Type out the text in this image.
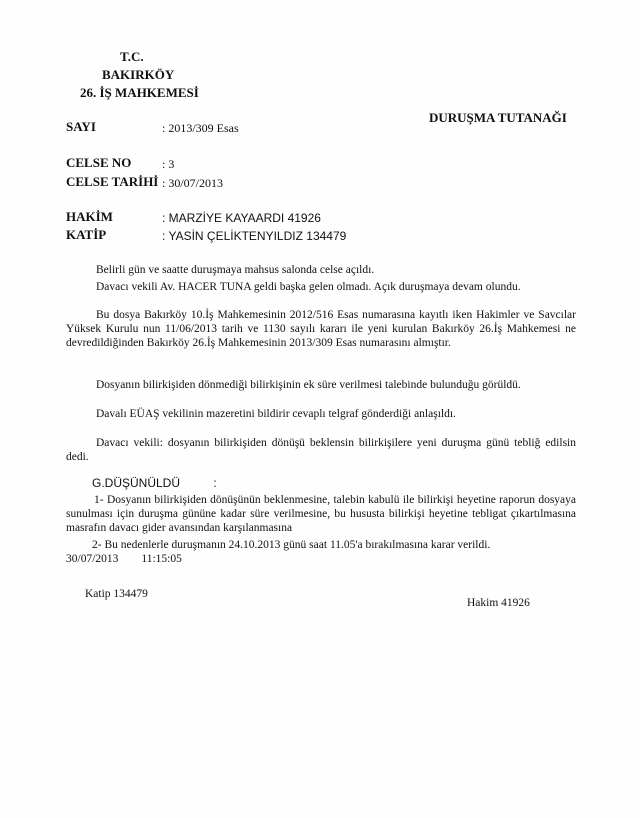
T.C.
BAKIRKÖY
26. İŞ MAHKEMESİ
DURUŞMA TUTANAĞI
SAYI	: 2013/309 Esas
CELSE NO	: 3
CELSE TARİHİ : 30/07/2013
HAKİM	: MARZİYE KAYAARDI 41926
KATİP	: YASİN ÇELİKTENYILDIZ 134479
Belirli gün ve saatte duruşmaya mahsus salonda celse açıldı.
Davacı vekili Av. HACER TUNA geldi başka gelen olmadı. Açık duruşmaya devam olundu.
Bu dosya Bakırköy 10.İş Mahkemesinin 2012/516 Esas numarasına kayıtlı iken Hakimler ve Savcılar Yüksek Kurulu nun 11/06/2013 tarih ve 1130 sayılı kararı ile yeni kurulan Bakırköy 26.İş Mahkemesi ne devredildiğinden Bakırköy 26.İş Mahkemesinin 2013/309 Esas numarasını almıştır.
Dosyanın bilirkişiden dönmediği bilirkişinin ek süre verilmesi talebinde bulunduğu görüldü.
Davalı EÜAŞ vekilinin mazeretini bildirir cevaplı telgraf gönderdiği anlaşıldı.
Davacı vekili: dosyanın bilirkişiden dönüşü beklensin bilirkişilere yeni duruşma günü tebliğ edilsin dedi.
G.DÜŞÜNÜLDÜ          :
1- Dosyanın bilirkişiden dönüşünün beklenmesine, talebin kabulü ile bilirkişi heyetine raporun dosyaya sunulması için duruşma gününe kadar süre verilmesine, bu hususta bilirkişi heyetine tebligat çıkartılmasına masrafın davacı gider avansından karşılanmasına
2- Bu nedenlerle duruşmanın 24.10.2013 günü saat 11.05'a bırakılmasına karar verildi.
30/07/2013        11:15:05
Katip 134479
Hakim 41926
